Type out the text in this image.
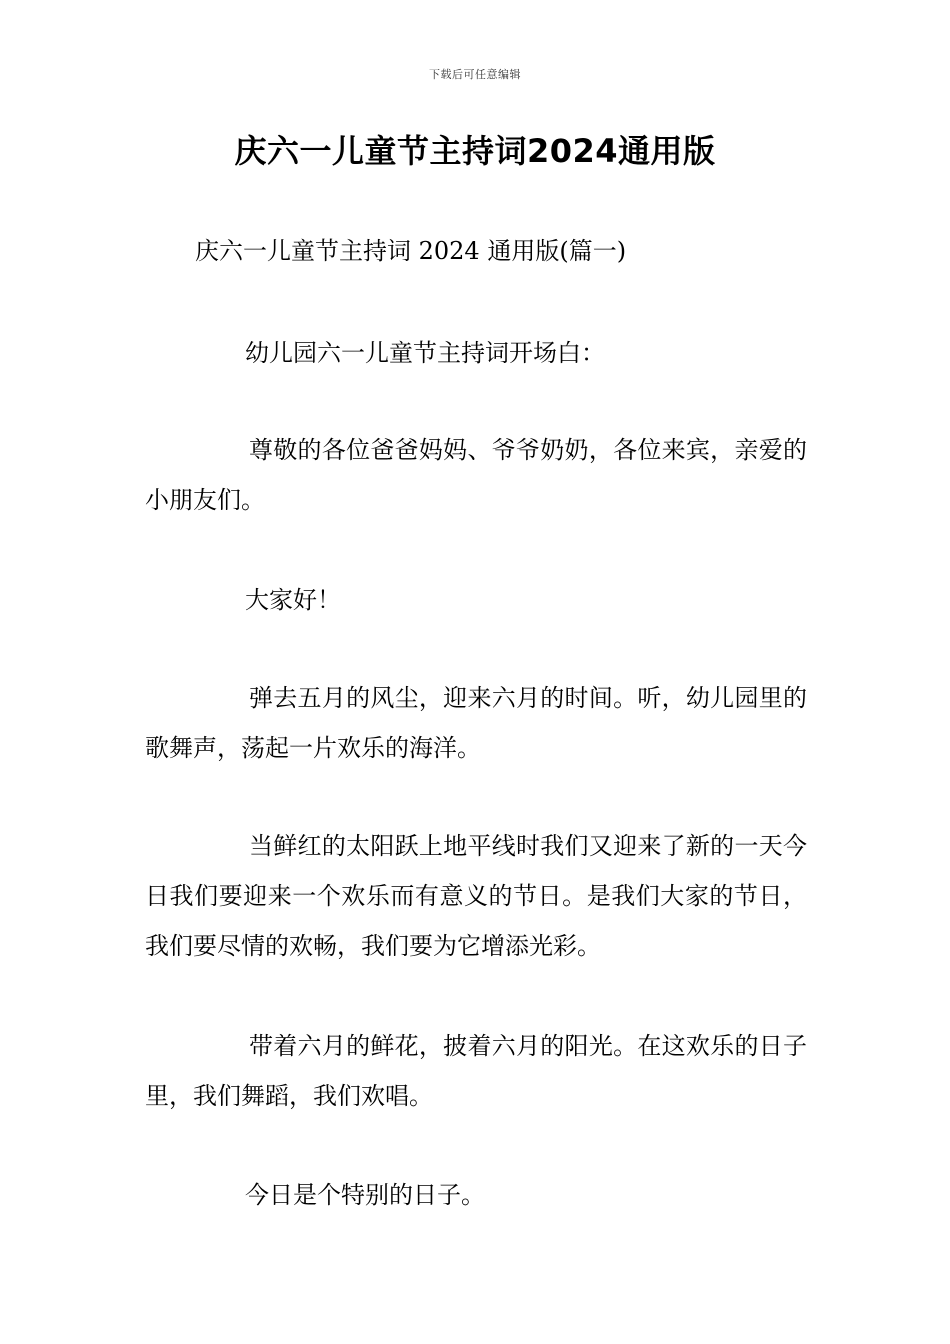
下载后可任意编辑
庆六一儿童节主持词2024通用版
庆六一儿童节主持词 2024 通用版(篇一)
幼儿园六一儿童节主持词开场白：
尊敬的各位爸爸妈妈、爷爷奶奶，各位来宾，亲爱的小朋友们。
大家好！
弹去五月的风尘，迎来六月的时间。听，幼儿园里的歌舞声，荡起一片欢乐的海洋。
当鲜红的太阳跃上地平线时我们又迎来了新的一天今日我们要迎来一个欢乐而有意义的节日。是我们大家的节日，我们要尽情的欢畅，我们要为它增添光彩。
带着六月的鲜花，披着六月的阳光。在这欢乐的日子里，我们舞蹈，我们欢唱。
今日是个特别的日子。
